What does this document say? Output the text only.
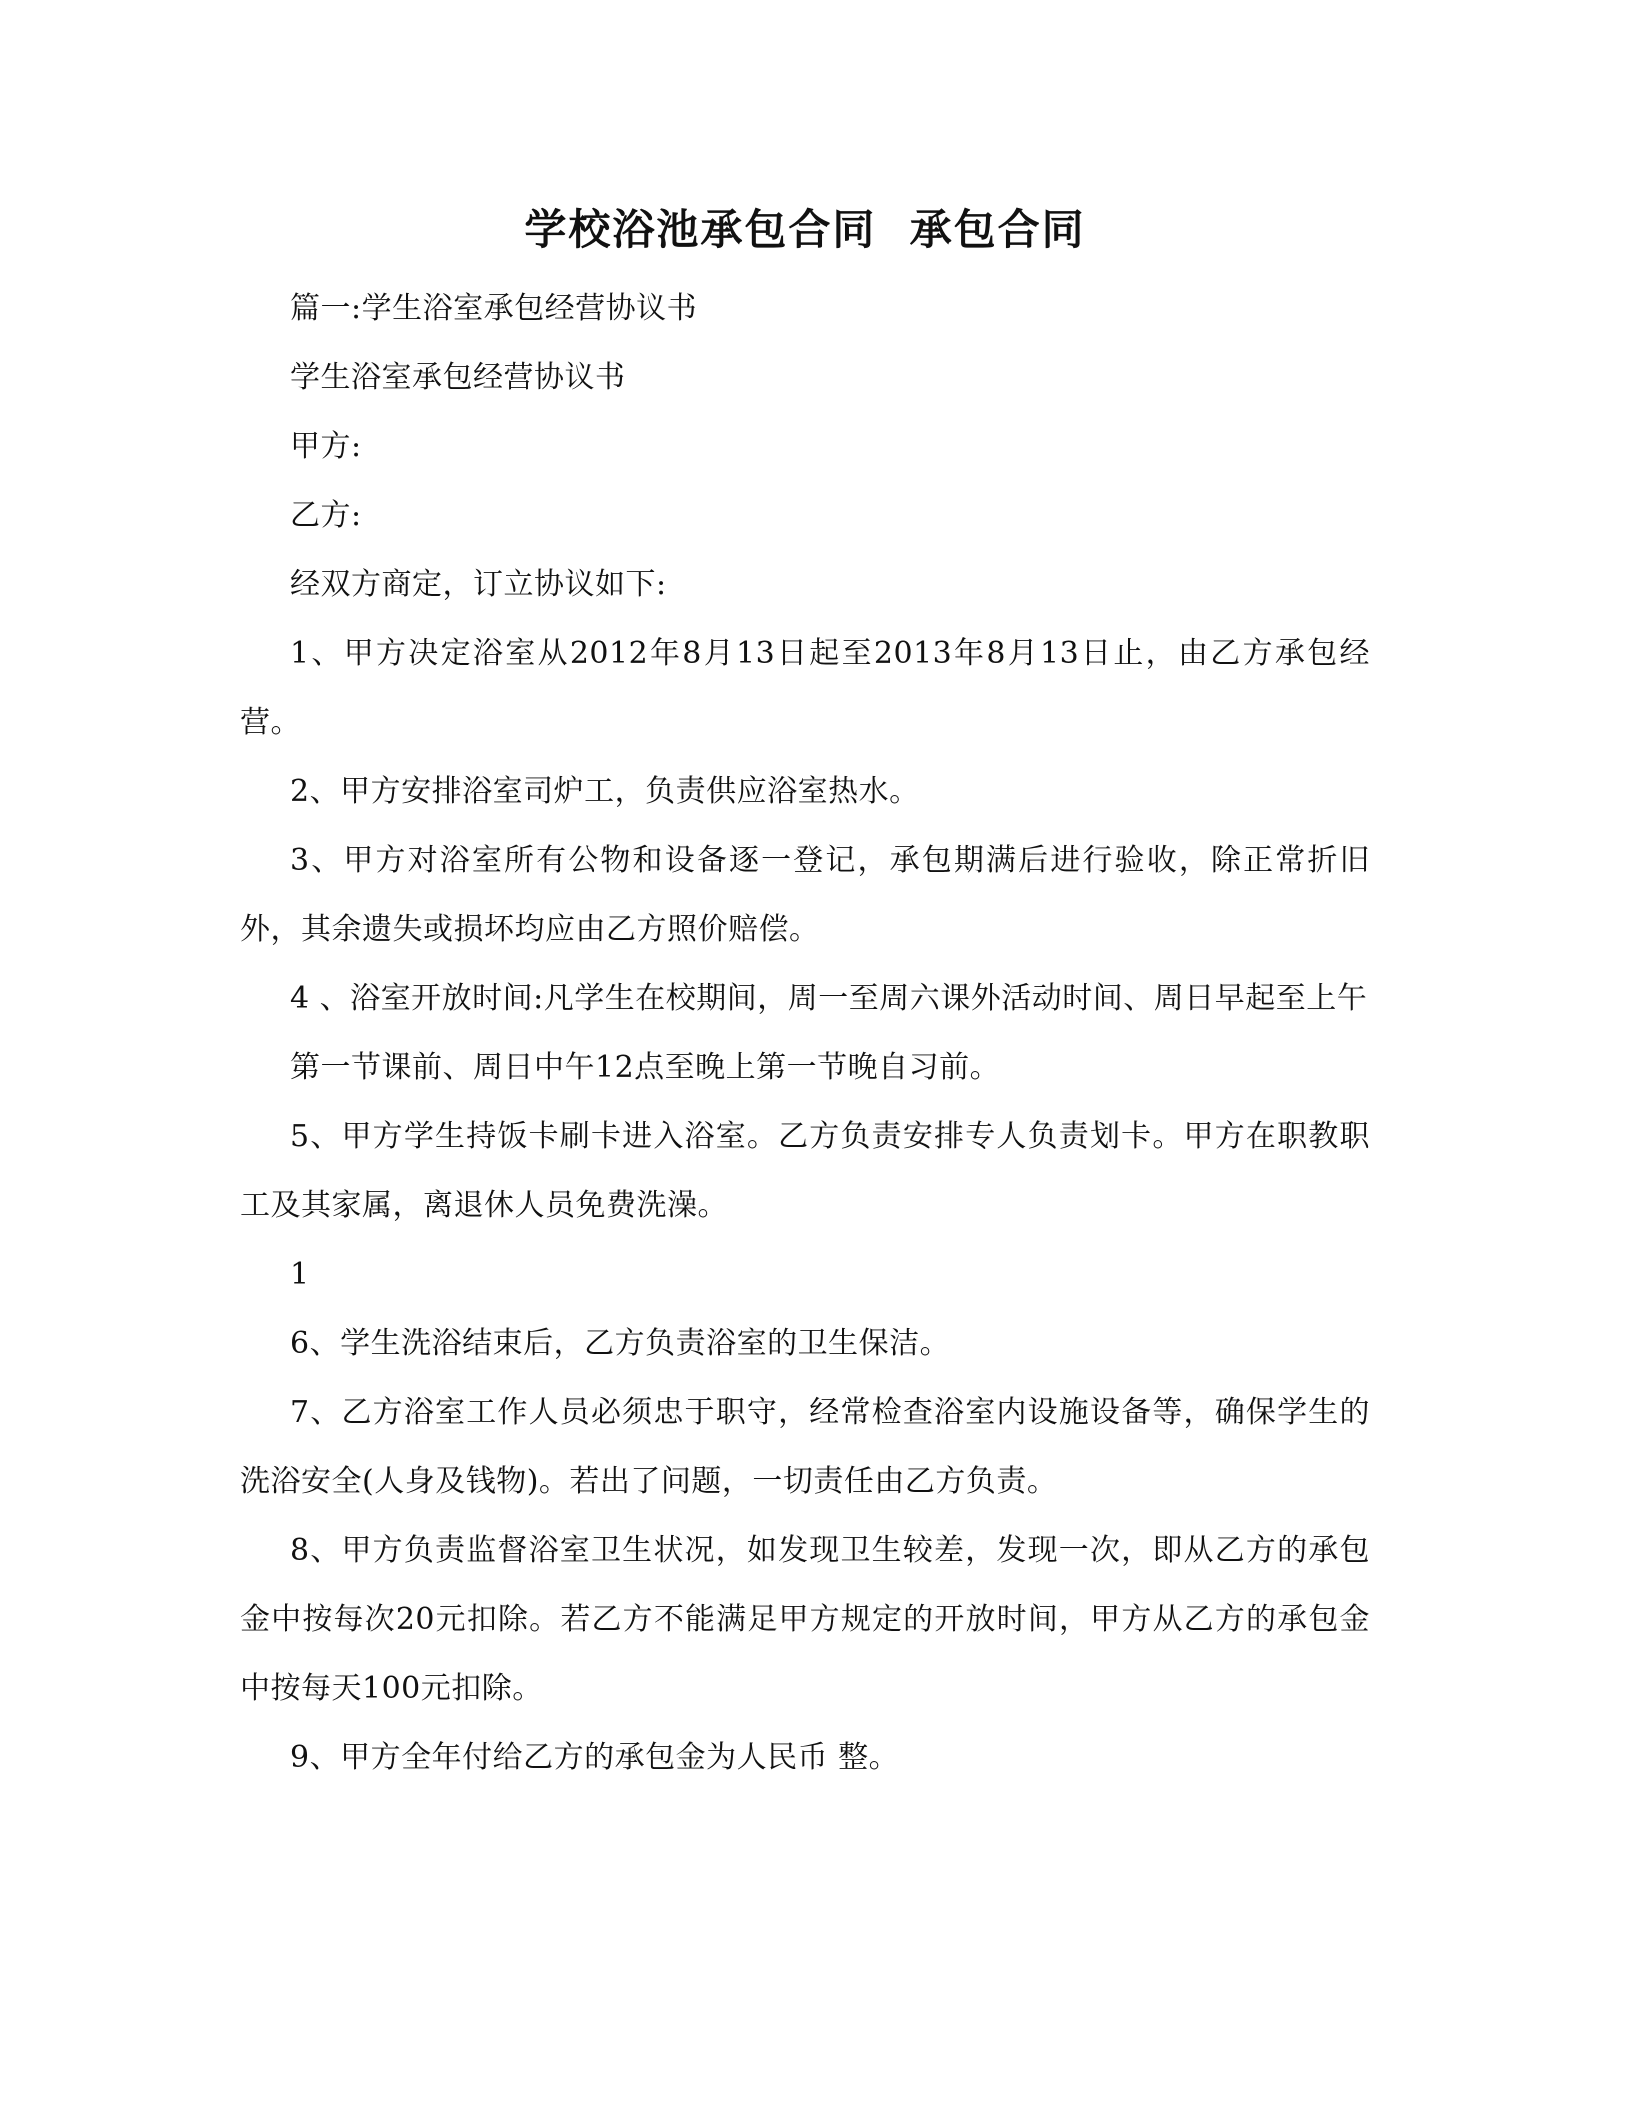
学校浴池承包合同  承包合同

篇一:学生浴室承包经营协议书

学生浴室承包经营协议书

甲方:

乙方:

经双方商定，订立协议如下:

1、甲方决定浴室从2012年8月13日起至2013年8月13日止，由乙方承包经营。

2、甲方安排浴室司炉工，负责供应浴室热水。

3、甲方对浴室所有公物和设备逐一登记，承包期满后进行验收，除正常折旧外，其余遗失或损坏均应由乙方照价赔偿。

4 、浴室开放时间:凡学生在校期间，周一至周六课外活动时间、周日早起至上午

第一节课前、周日中午12点至晚上第一节晚自习前。

5、甲方学生持饭卡刷卡进入浴室。乙方负责安排专人负责划卡。甲方在职教职工及其家属，离退休人员免费洗澡。

1

6、学生洗浴结束后，乙方负责浴室的卫生保洁。

7、乙方浴室工作人员必须忠于职守，经常检查浴室内设施设备等，确保学生的洗浴安全(人身及钱物)。若出了问题，一切责任由乙方负责。

8、甲方负责监督浴室卫生状况，如发现卫生较差，发现一次，即从乙方的承包金中按每次20元扣除。若乙方不能满足甲方规定的开放时间，甲方从乙方的承包金中按每天100元扣除。

9、甲方全年付给乙方的承包金为人民币 整。
